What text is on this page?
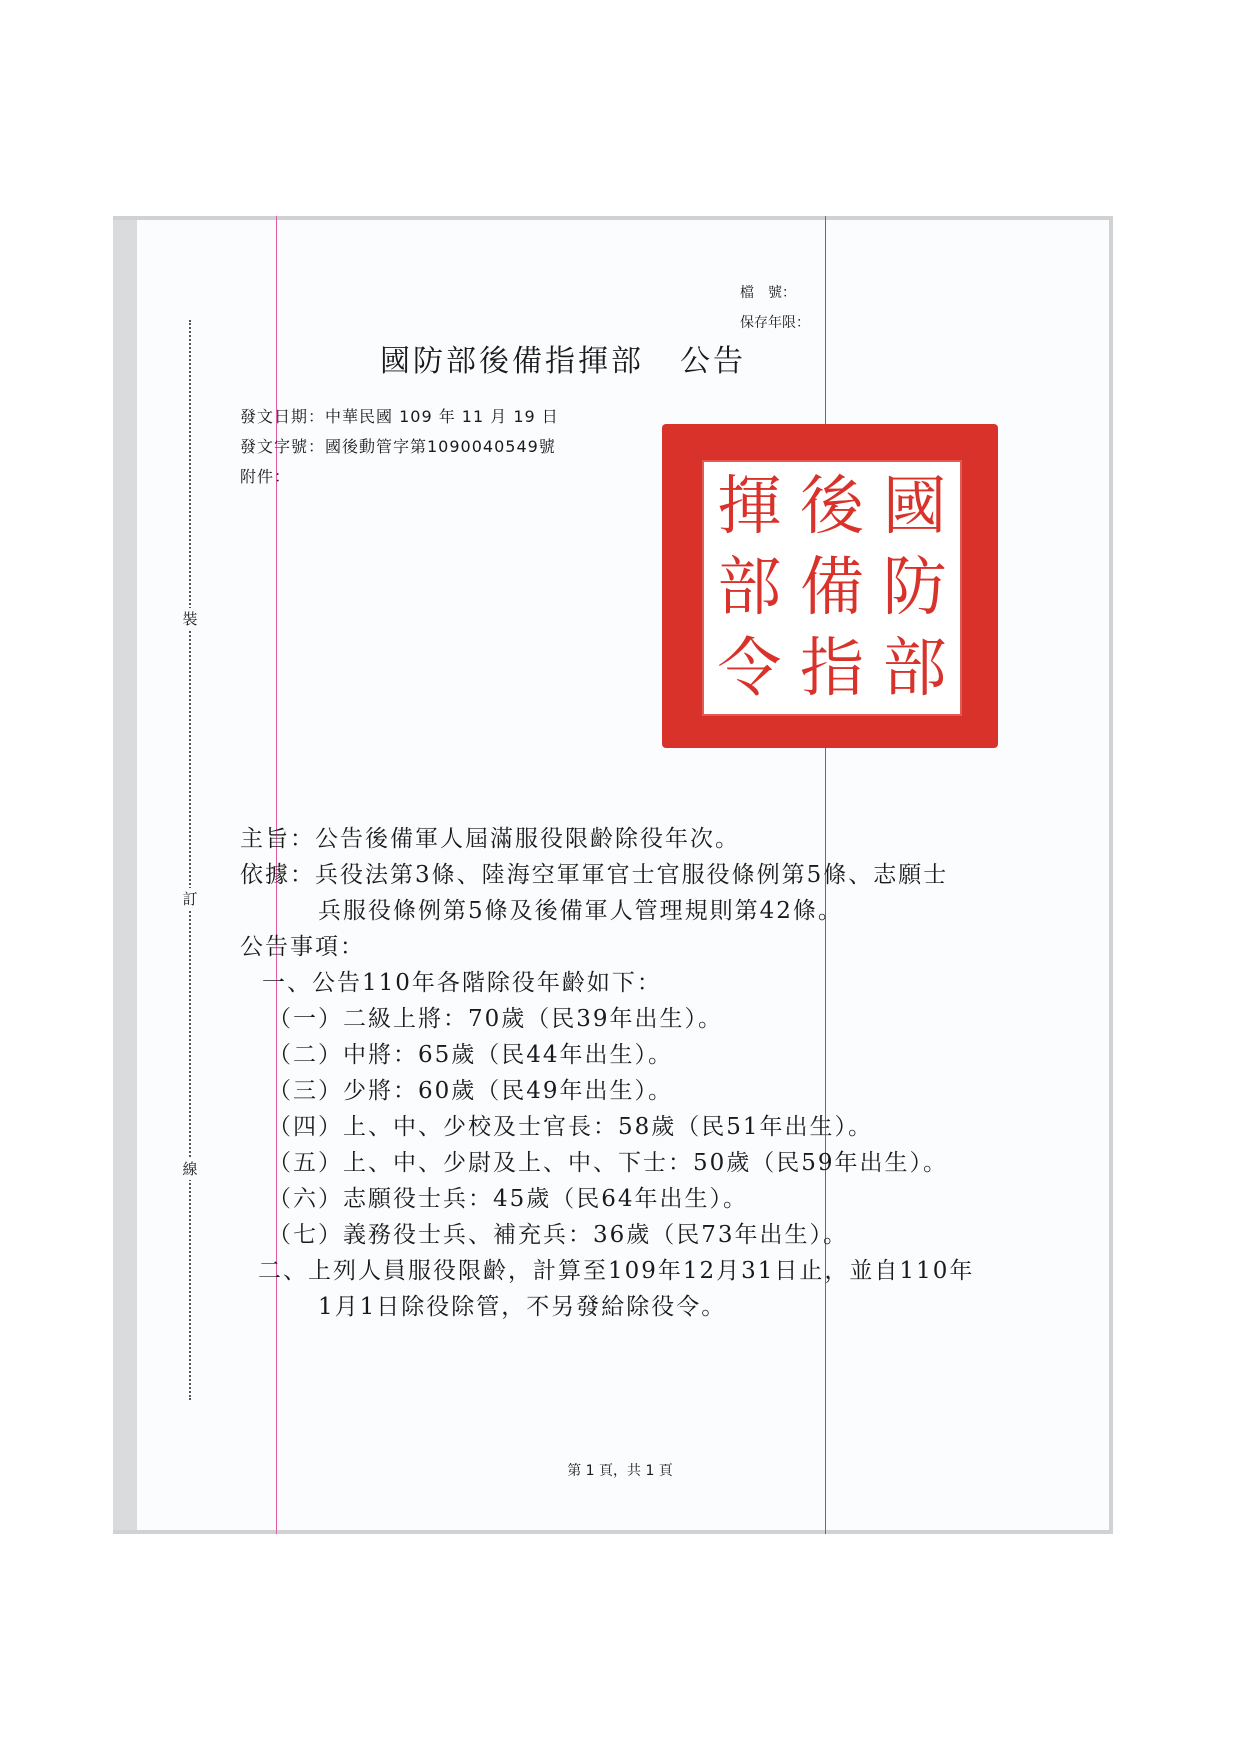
裝
訂
線
檔　號：
保存年限：
國防部後備指揮部 公告
發文日期：中華民國 109 年 11 月 19 日
發文字號：國後動管字第1090040549號
附件：	揮 後 國
部 備 防
令 指 部
主旨：公告後備軍人屆滿服役限齡除役年次。
依據：兵役法第3條、陸海空軍軍官士官服役條例第5條、志願士
兵服役條例第5條及後備軍人管理規則第42條。
公告事項：
一、公告110年各階除役年齡如下：
（一）二級上將：70歲（民39年出生）。
（二）中將：65歲（民44年出生）。
（三）少將：60歲（民49年出生）。
（四）上、中、少校及士官長：58歲（民51年出生）。
（五）上、中、少尉及上、中、下士：50歲（民59年出生）。
（六）志願役士兵：45歲（民64年出生）。
（七）義務役士兵、補充兵：36歲（民73年出生）。
二、上列人員服役限齡，計算至109年12月31日止，並自110年
1月1日除役除管，不另發給除役令。
第 1 頁，共 1 頁
